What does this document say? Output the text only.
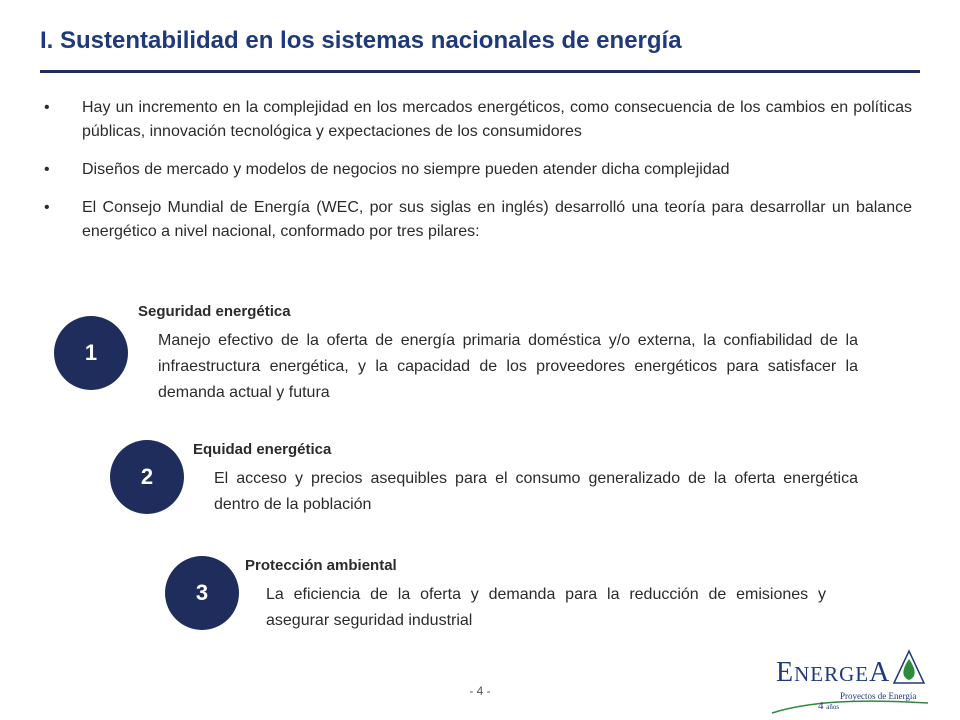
I. Sustentabilidad en los sistemas nacionales de energía
• Hay un incremento en la complejidad en los mercados energéticos, como consecuencia de los cambios en políticas públicas, innovación tecnológica y expectaciones de los consumidores
• Diseños de mercado y modelos de negocios no siempre pueden atender dicha complejidad
• El Consejo Mundial de Energía (WEC, por sus siglas en inglés) desarrolló una teoría para desarrollar un balance energético a nivel nacional, conformado por tres pilares:
1
Seguridad energética
Manejo efectivo de la oferta de energía primaria doméstica y/o externa, la confiabilidad de la infraestructura energética, y la capacidad de los proveedores energéticos para satisfacer la demanda actual y futura
2
Equidad energética
El acceso y precios asequibles para el consumo generalizado de la oferta energética dentro de la población
3
Protección ambiental
La eficiencia de la oferta y demanda para la reducción de emisiones y asegurar seguridad industrial
- 4 -
ENERGEA
Proyectos de Energía
4 años
